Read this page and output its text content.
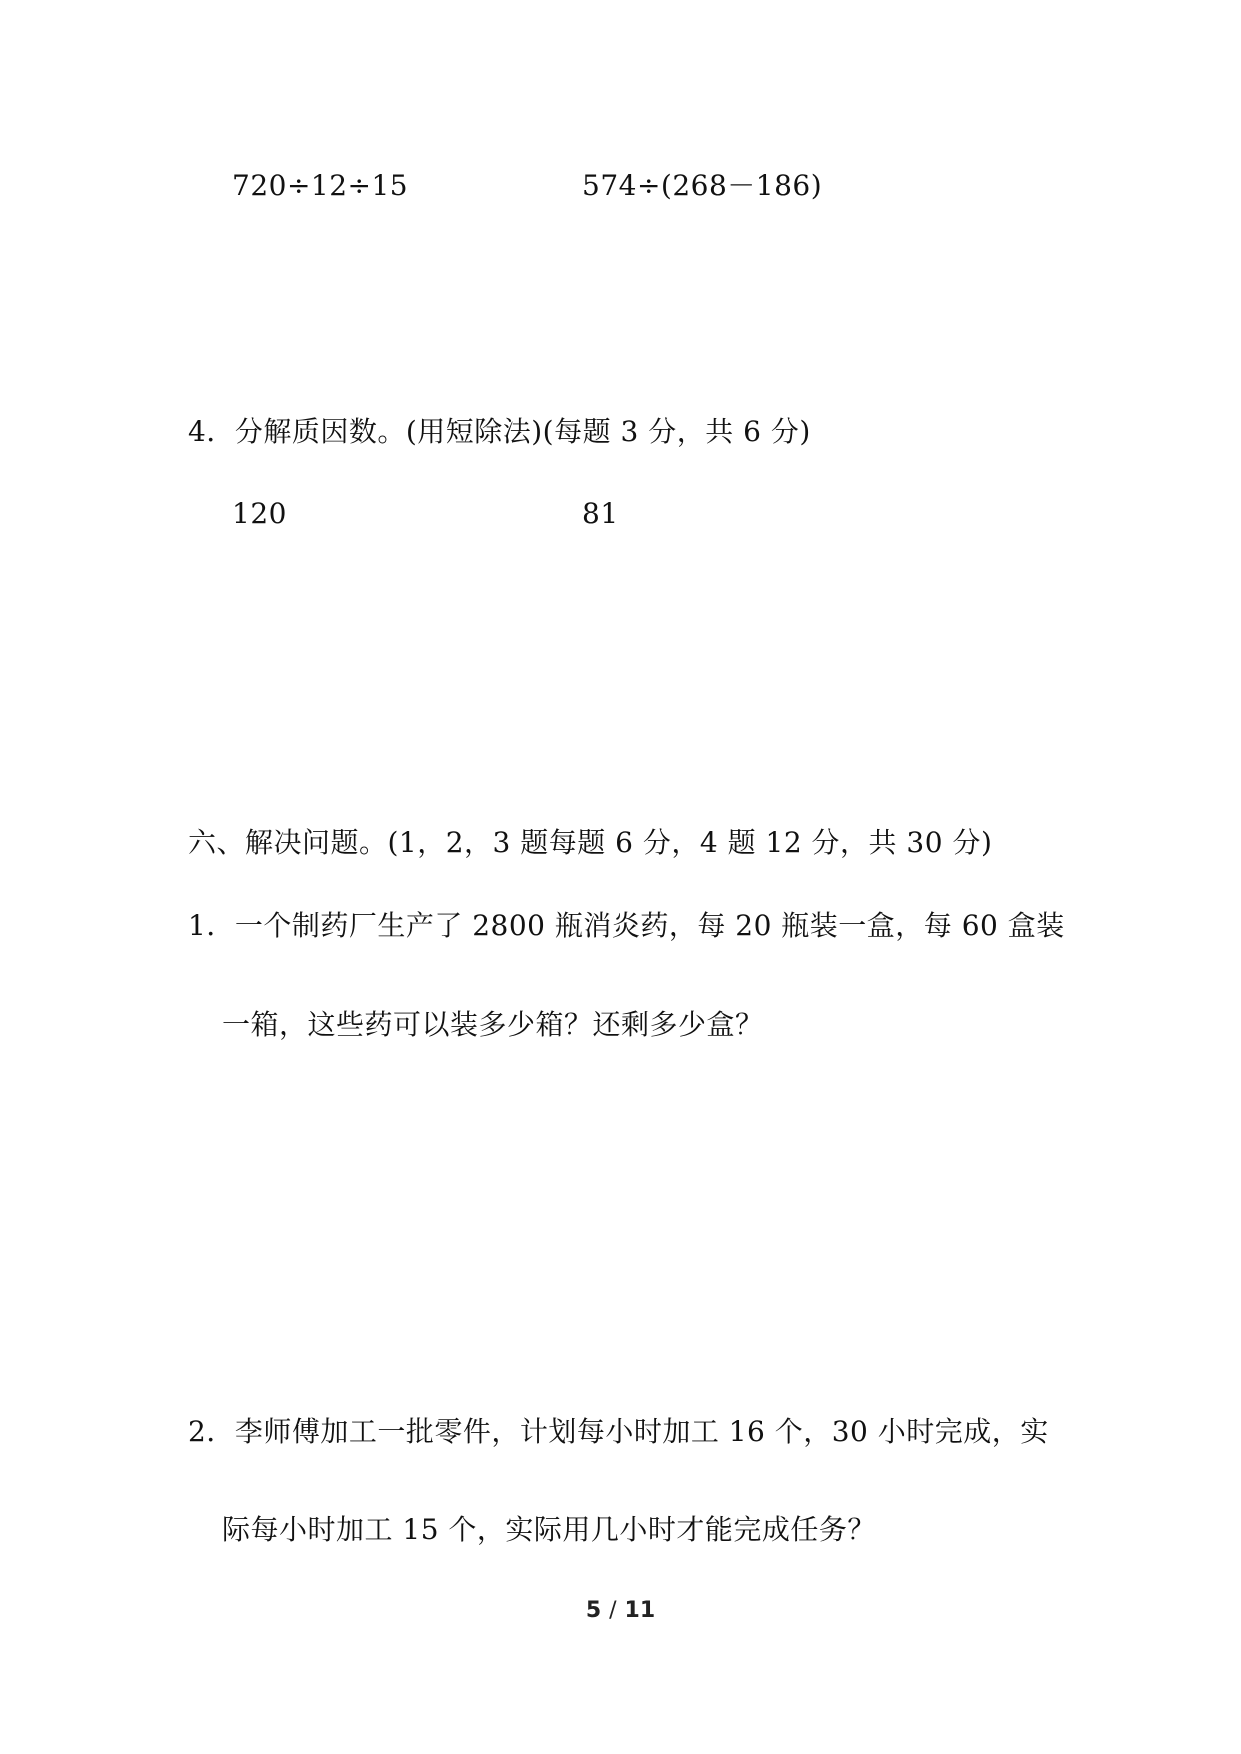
720÷12÷15	574÷(268－186)
4．分解质因数。(用短除法)(每题 3 分，共 6 分)
120	81
六、解决问题。(1，2，3 题每题 6 分，4 题 12 分，共 30 分)
1．一个制药厂生产了 2800 瓶消炎药，每 20 瓶装一盒，每 60 盒装
一箱，这些药可以装多少箱？还剩多少盒？
2．李师傅加工一批零件，计划每小时加工 16 个，30 小时完成，实
际每小时加工 15 个，实际用几小时才能完成任务？
5 / 11
